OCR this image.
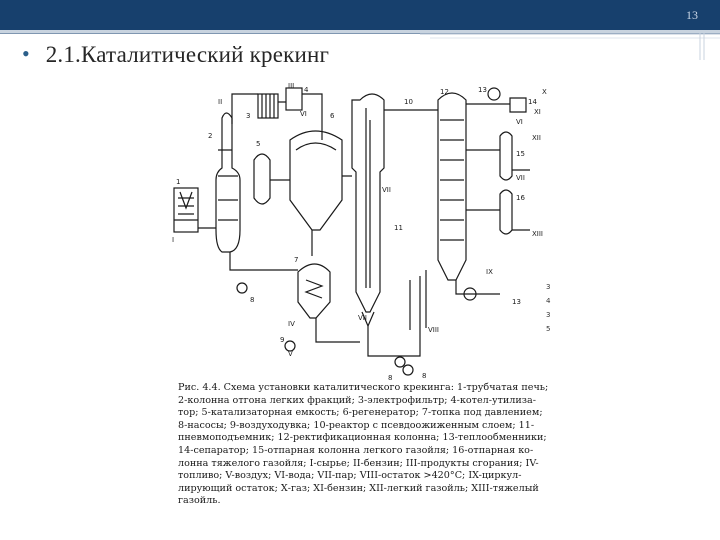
13
• 2.1.Каталитический крекинг
II
III
VI
VI
VII
VII
VII
VIII
IV
V
I
X
XI
XII
XIII
IX
1
2
3
4
5
6
7
8
8	8
9
10
11
12	13
13
14
15
16
3
4
3
5
Рис. 4.4. Схема установки каталитического крекинга: 1-трубчатая печь;
2-колонна отгона легких фракций; 3-электрофильтр; 4-котел-утилиза-
тор; 5-катализаторная емкость; 6-регенератор; 7-топка под давлением;
8-насосы; 9-воздуходувка; 10-реактор с псевдоожиженным слоем; 11-
пневмоподъемник; 12-ректификационная колонна; 13-теплообменники;
14-сепаратор; 15-отпарная колонна легкого газойля; 16-отпарная ко-
лонна тяжелого газойля; I-сырье; II-бензин; III-продукты сгорания; IV-
топливо; V-воздух; VI-вода; VII-пар; VIII-остаток >420°С; IX-циркул-
лирующий остаток; Х-газ; XI-бензин; XII-легкий газойль; XIII-тяжелый
газойль.
